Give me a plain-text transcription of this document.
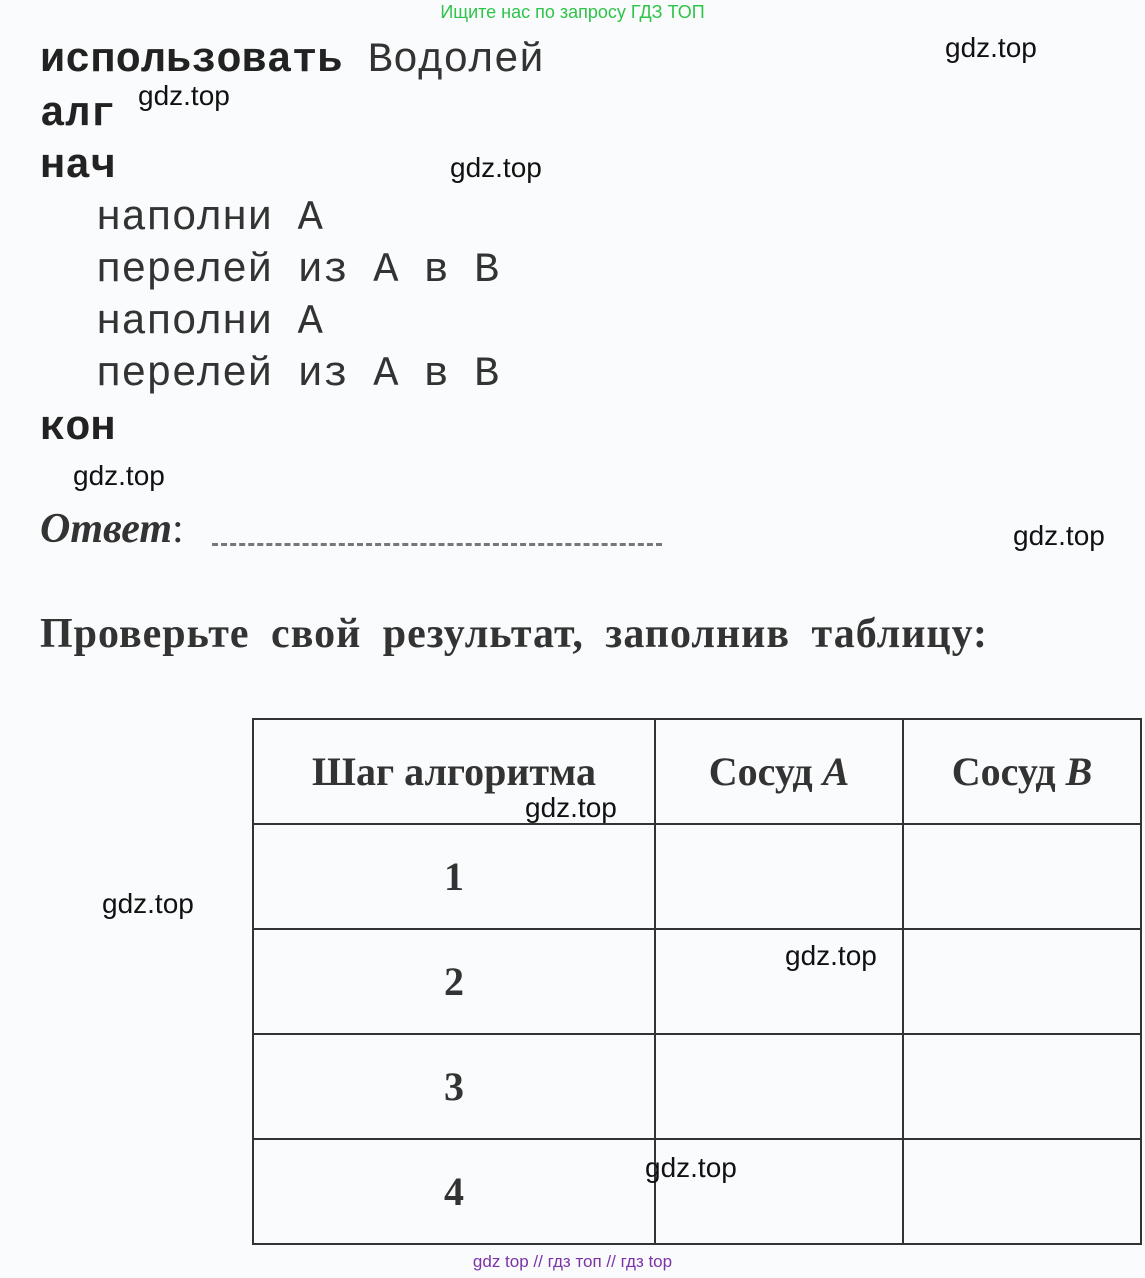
Ищите нас по запросу ГДЗ ТОП
использовать Водолей
алг
нач
наполни A
перелей из A в B
наполни A
перелей из A в B
кон
Ответ:
Проверьте свой результат, заполнив таблицу:
Шаг алгоритма	Сосуд A	Сосуд B
1		
2		
3		
4		
gdz.top
gdz.top
gdz.top
gdz.top
gdz.top
gdz.top
gdz.top
gdz.top
gdz.top
gdz top // гдз топ // гдз top
